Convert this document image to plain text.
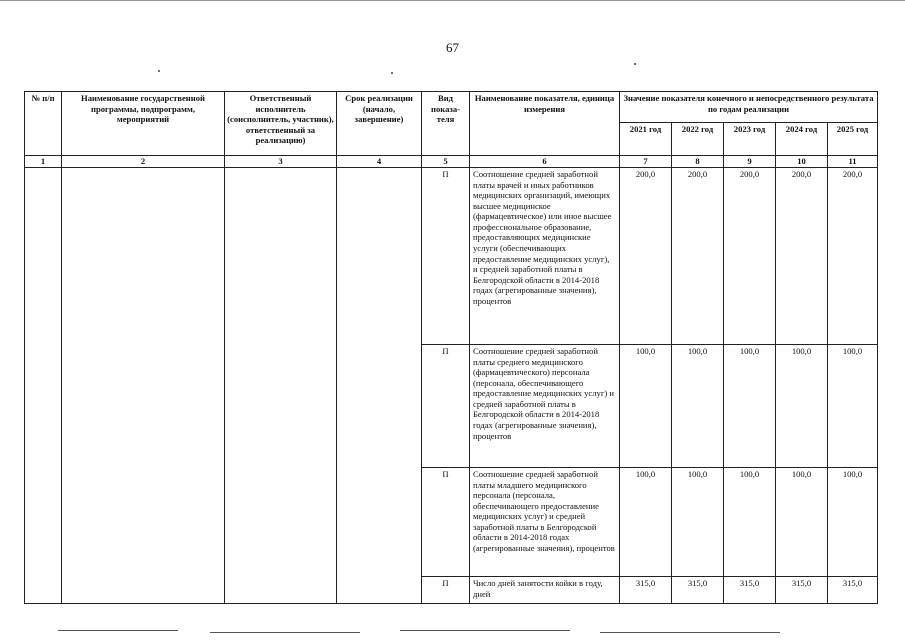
67
№ п/п	Наименование государственной программы, подпрограмм, мероприятий	Ответственный исполнитель (соисполнитель, участник), ответственный за реализацию)	Срок реализации (начало, завершение)	Вид показа-теля	Наименование показателя, единица измерения	Значение показателя конечного и непосредственного результата по годам реализации				
						2021 год	2022 год	2023 год	2024 год	2025 год
1	2	3	4	5	6	7	8	9	10	11
				П	Соотношение средней заработной платы врачей и иных работников медицинских организаций, имеющих высшее медицинское (фармацевтическое) или иное высшее профессиональное образование, предоставляющих медицинские услуги (обеспечивающих предоставление медицинских услуг), и средней заработной платы в Белгородской области в 2014-2018 годах (агрегированные значения), процентов	200,0	200,0	200,0	200,0	200,0
				П	Соотношение средней заработной платы среднего медицинского (фармацевтического) персонала (персонала, обеспечивающего предоставление медицинских услуг) и средней заработной платы в Белгородской области в 2014-2018 годах (агрегированные значения), процентов	100,0	100,0	100,0	100,0	100,0
				П	Соотношение средней заработной платы младшего медицинского персонала (персонала, обеспечивающего предоставление медицинских услуг) и средней заработной платы в Белгородской области в 2014-2018 годах (агрегированные значения), процентов	100,0	100,0	100,0	100,0	100,0
				П	Число дней занятости койки в году, дней	315,0	315,0	315,0	315,0	315,0
